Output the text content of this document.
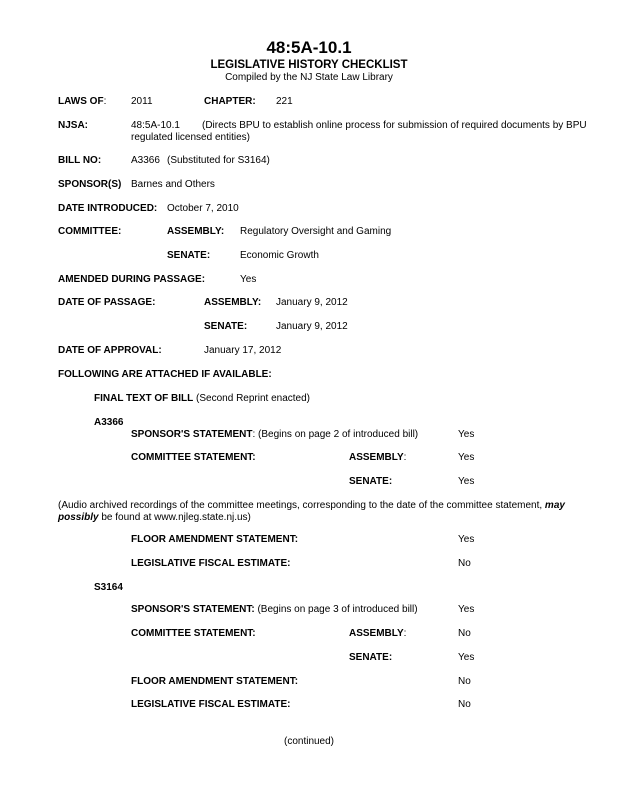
48:5A-10.1
LEGISLATIVE HISTORY CHECKLIST
Compiled by the NJ State Law Library
LAWS OF: 2011	CHAPTER: 221
NJSA:	48:5A-10.1	(Directs BPU to establish online process for submission of required documents by BPU regulated licensed entities)
BILL NO:	A3366 (Substituted for S3164)
SPONSOR(S) Barnes and Others
DATE INTRODUCED: October 7, 2010
COMMITTEE:	ASSEMBLY: Regulatory Oversight and Gaming
SENATE:	Economic Growth
AMENDED DURING PASSAGE:	Yes
DATE OF PASSAGE:	ASSEMBLY: January 9, 2012
SENATE:	January 9, 2012
DATE OF APPROVAL:	January 17, 2012
FOLLOWING ARE ATTACHED IF AVAILABLE:
FINAL TEXT OF BILL (Second Reprint enacted)
A3366
SPONSOR'S STATEMENT: (Begins on page 2 of introduced bill)	Yes
COMMITTEE STATEMENT:	ASSEMBLY:	Yes
SENATE:	Yes
(Audio archived recordings of the committee meetings, corresponding to the date of the committee statement, may possibly be found at www.njleg.state.nj.us)
FLOOR AMENDMENT STATEMENT:	Yes
LEGISLATIVE FISCAL ESTIMATE:	No
S3164
SPONSOR'S STATEMENT: (Begins on page 3 of introduced bill)	Yes
COMMITTEE STATEMENT:	ASSEMBLY:	No
SENATE:	Yes
FLOOR AMENDMENT STATEMENT:	No
LEGISLATIVE FISCAL ESTIMATE:	No
(continued)
